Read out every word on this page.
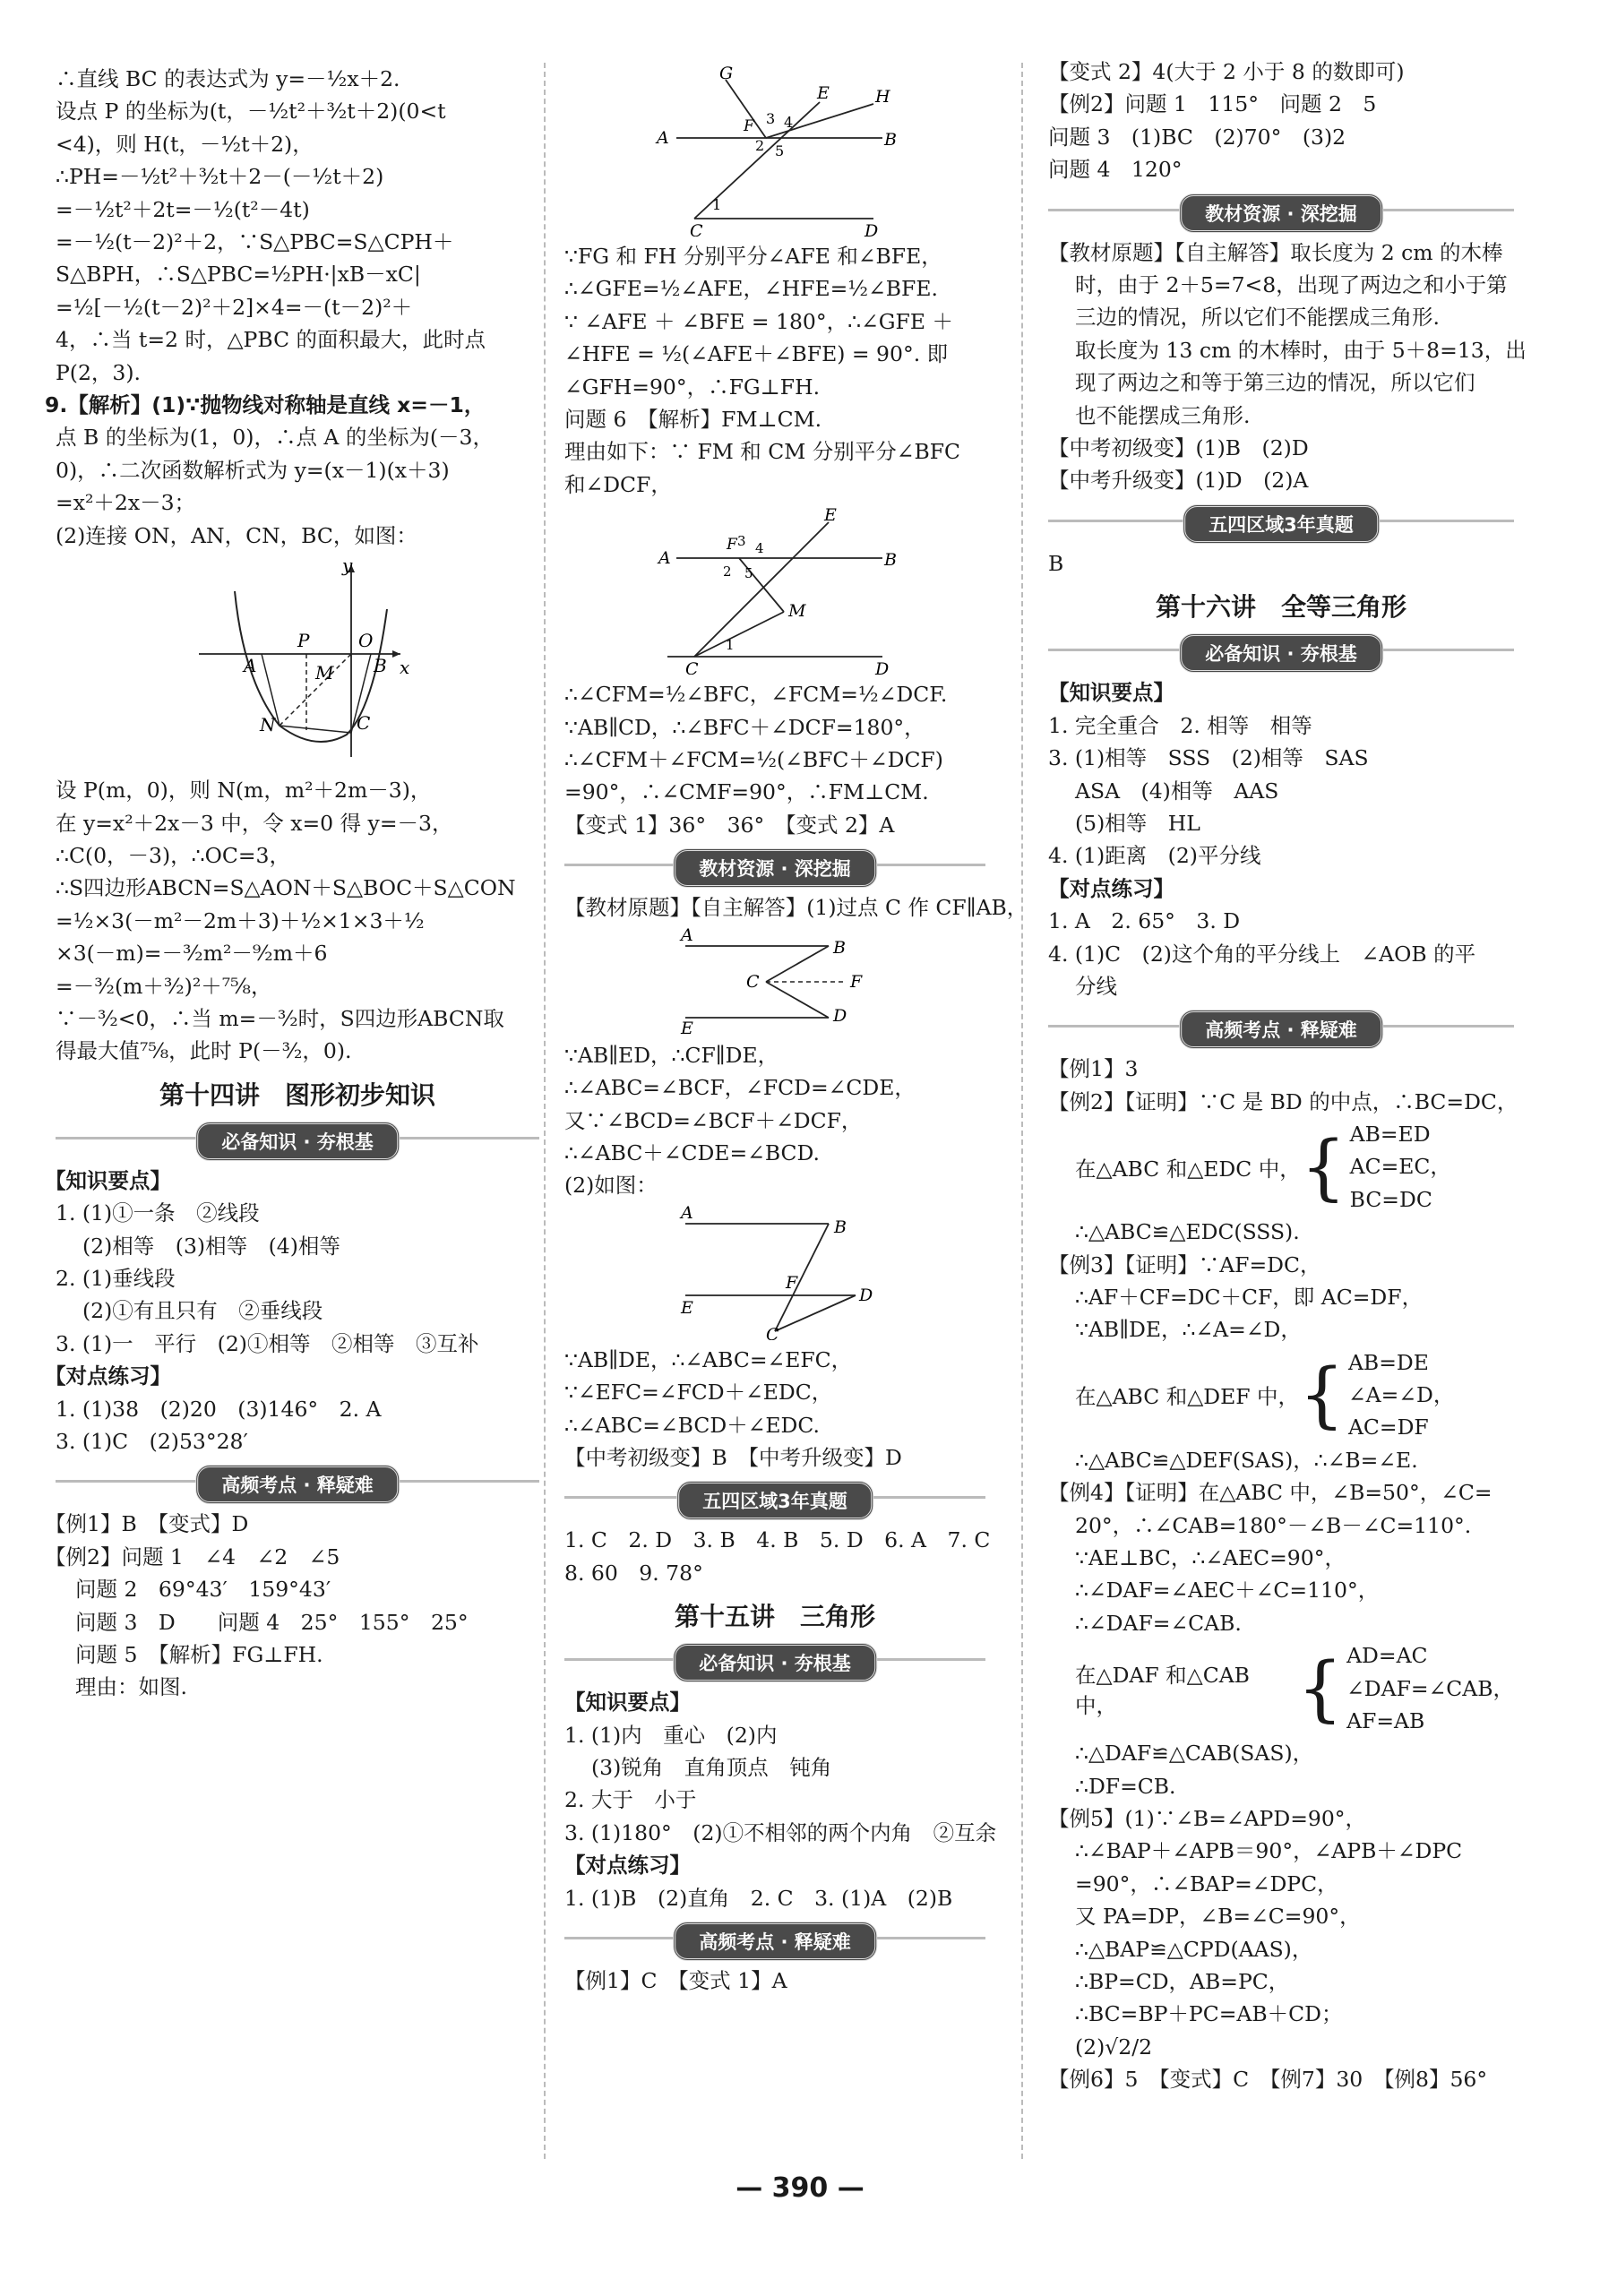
∴直线 BC 的表达式为 y=－½x＋2.

设点 P 的坐标为(t，－½t²＋³⁄₂t＋2)(0<t

<4)，则 H(t，－½t＋2)，

∴PH=－½t²＋³⁄₂t＋2－(－½t＋2)

=－½t²＋2t=－½(t²－4t)

=－½(t－2)²＋2，∵S△PBC=S△CPH＋

S△BPH，∴S△PBC=½PH·|xB－xC|

=½[－½(t－2)²＋2]×4=－(t－2)²＋

4，∴当 t=2 时，△PBC 的面积最大，此时点

P(2，3).

9.【解析】(1)∵抛物线对称轴是直线 x=－1，

点 B 的坐标为(1，0)，∴点 A 的坐标为(－3，

0)，∴二次函数解析式为 y=(x－1)(x＋3)

=x²＋2x－3；

(2)连接 ON，AN，CN，BC，如图：

y
x
A	B
O
P
M
N	C

设 P(m，0)，则 N(m，m²＋2m－3)，

在 y=x²＋2x－3 中，令 x=0 得 y=－3，

∴C(0，－3)，∴OC=3，

∴S四边形ABCN=S△AON＋S△BOC＋S△CON

=½×3(－m²－2m＋3)＋½×1×3＋½

×3(－m)=－³⁄₂m²－⁹⁄₂m＋6

=－³⁄₂(m＋³⁄₂)²＋⁷⁵⁄₈，

∵－³⁄₂<0，∴当 m=－³⁄₂时，S四边形ABCN取

得最大值⁷⁵⁄₈，此时 P(－³⁄₂，0).

第十四讲　图形初步知识
必备知识 · 夯根基

【知识要点】

1. (1)①一条　②线段

(2)相等　(3)相等　(4)相等

2. (1)垂线段

(2)①有且只有　②垂线段

3. (1)一　平行　(2)①相等　②相等　③互补

【对点练习】

1. (1)38　(2)20　(3)146°　2. A

3. (1)C　(2)53°28′

高频考点 · 释疑难

【例1】B　【变式】D

【例2】问题 1　∠4　∠2　∠5

问题 2　69°43′　159°43′

问题 3　D　　问题 4　25°　155°　25°

问题 5　【解析】FG⊥FH.

理由：如图.

G
E	H
A	B
F
2
3 4
5
1
C	D

∵FG 和 FH 分别平分∠AFE 和∠BFE，

∴∠GFE=½∠AFE，∠HFE=½∠BFE.

∵ ∠AFE ＋ ∠BFE = 180°，∴∠GFE ＋

∠HFE = ½(∠AFE＋∠BFE) = 90°. 即

∠GFH=90°，∴FG⊥FH.

问题 6　【解析】FM⊥CM.

理由如下：∵ FM 和 CM 分别平分∠BFC

和∠DCF，

E
A	B
F 3 4
2 5
M
C
1
D

∴∠CFM=½∠BFC，∠FCM=½∠DCF.

∵AB∥CD，∴∠BFC＋∠DCF=180°，

∴∠CFM＋∠FCM=½(∠BFC＋∠DCF)

=90°，∴∠CMF=90°，∴FM⊥CM.

【变式 1】36°　36°　【变式 2】A

教材资源 · 深挖掘

【教材原题】【自主解答】(1)过点 C 作 CF∥AB，

A
B
C	F
E
D

∵AB∥ED，∴CF∥DE，

∴∠ABC=∠BCF，∠FCD=∠CDE，

又∵∠BCD=∠BCF＋∠DCF，

∴∠ABC＋∠CDE=∠BCD.

(2)如图：

A
B
F
D
E
C

∵AB∥DE，∴∠ABC=∠EFC，

∵∠EFC=∠FCD＋∠EDC，

∴∠ABC=∠BCD＋∠EDC.

【中考初级变】B　【中考升级变】D

五四区域3年真题

1. C　2. D　3. B　4. B　5. D　6. A　7. C

8. 60　9. 78°

第十五讲　三角形
必备知识 · 夯根基

【知识要点】

1. (1)内　重心　(2)内

(3)锐角　直角顶点　钝角

2. 大于　小于

3. (1)180°　(2)①不相邻的两个内角　②互余

【对点练习】

1. (1)B　(2)直角　2. C　3. (1)A　(2)B

高频考点 · 释疑难

【例1】C　【变式 1】A

【变式 2】4(大于 2 小于 8 的数即可)

【例2】问题 1　115°　问题 2　5

问题 3　(1)BC　(2)70°　(3)2

问题 4　120°

教材资源 · 深挖掘

【教材原题】【自主解答】取长度为 2 cm 的木棒

时，由于 2＋5=7<8，出现了两边之和小于第

三边的情况，所以它们不能摆成三角形.

取长度为 13 cm 的木棒时，由于 5＋8=13，出

现了两边之和等于第三边的情况，所以它们

也不能摆成三角形.

【中考初级变】(1)B　(2)D

【中考升级变】(1)D　(2)A

五四区域3年真题

B

第十六讲　全等三角形
必备知识 · 夯根基

【知识要点】

1. 完全重合　2. 相等　相等

3. (1)相等　SSS　(2)相等　SAS

ASA　(4)相等　AAS

(5)相等　HL

4. (1)距离　(2)平分线

【对点练习】

1. A　2. 65°　3. D

4. (1)C　(2)这个角的平分线上　∠AOB 的平

分线

高频考点 · 释疑难

【例1】3

【例2】【证明】∵C 是 BD 的中点，∴BC=DC，

在△ABC 和△EDC 中， { AB=ED

AC=EC，

BC=DC

∴△ABC≌△EDC(SSS).

【例3】【证明】∵AF=DC，

∴AF＋CF=DC＋CF，即 AC=DF，

∵AB∥DE，∴∠A=∠D，

在△ABC 和△DEF 中， { AB=DE

∠A=∠D，

AC=DF

∴△ABC≌△DEF(SAS)，∴∠B=∠E.

【例4】【证明】在△ABC 中，∠B=50°，∠C=

20°，∴∠CAB=180°－∠B－∠C=110°.

∵AE⊥BC，∴∠AEC=90°，

∴∠DAF=∠AEC＋∠C=110°，

∴∠DAF=∠CAB.

在△DAF 和△CAB 中，	{ AD=AC

∠DAF=∠CAB，

AF=AB

∴△DAF≌△CAB(SAS)，

∴DF=CB.

【例5】(1)∵∠B=∠APD=90°，

∴∠BAP＋∠APB＝90°，∠APB＋∠DPC

=90°，∴∠BAP=∠DPC，

又 PA=DP，∠B=∠C=90°，

∴△BAP≌△CPD(AAS)，

∴BP=CD，AB=PC，

∴BC=BP＋PC=AB＋CD；

(2)√2/2

【例6】5　【变式】C　【例7】30　【例8】56°

— 390 —
